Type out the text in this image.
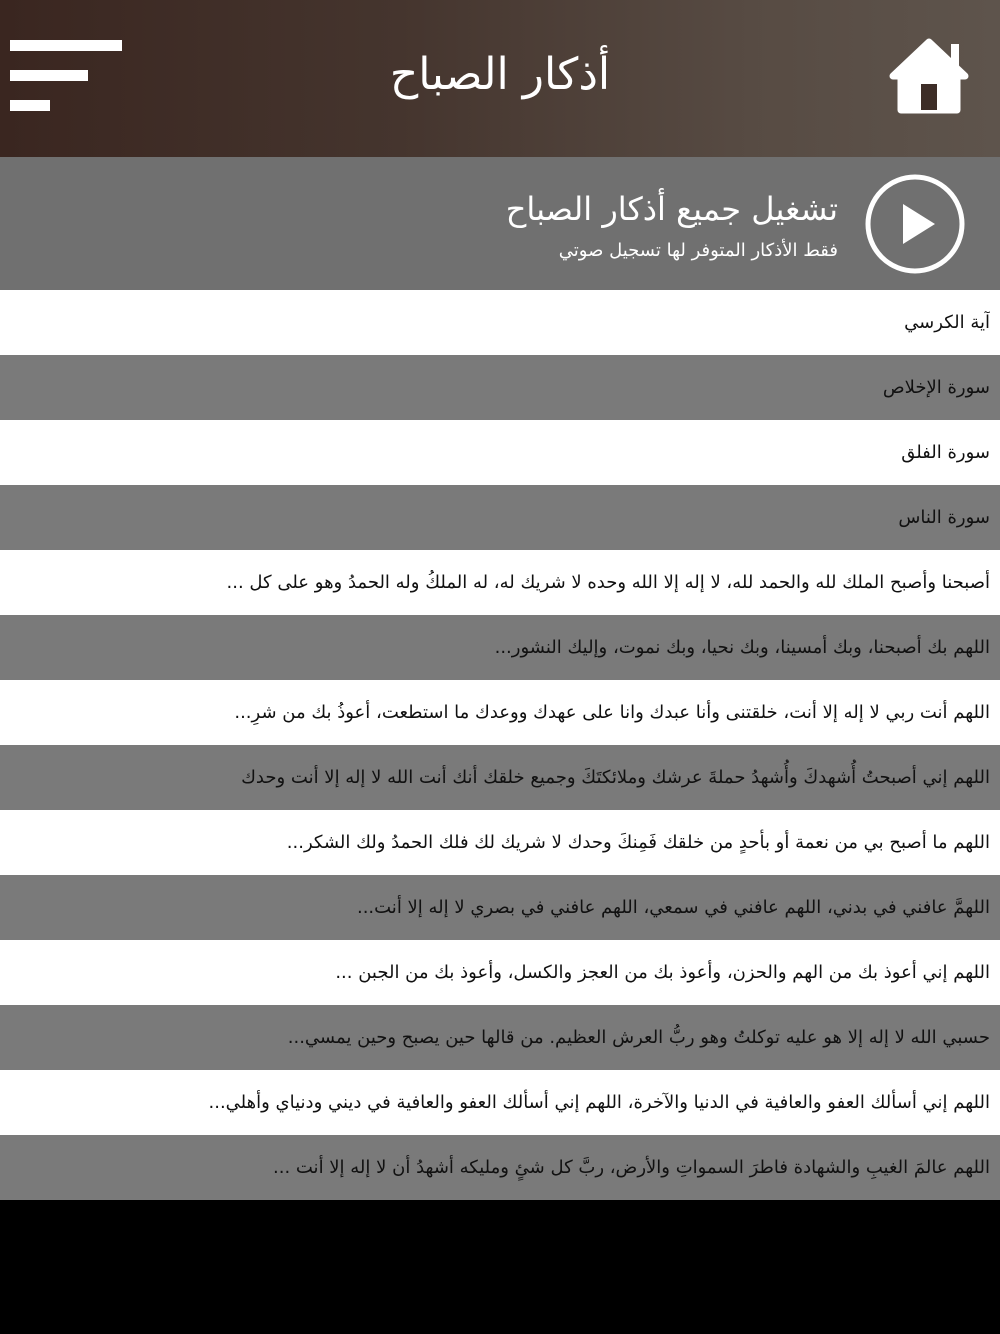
أذكار الصباح
تشغيل جميع أذكار الصباح
فقط الأذكار المتوفر لها تسجيل صوتي
آية الكرسي
سورة الإخلاص
سورة الفلق
سورة الناس
أصبحنا وأصبح الملك لله والحمد لله، لا إله إلا الله وحده لا شريك له، له الملكُ وله الحمدُ وهو على كل ...
اللهم بك أصبحنا، وبك أمسينا، وبك نحيا، وبك نموت، وإليك النشور...
اللهم أنت ربي لا إله إلا أنت، خلقتنى وأنا عبدك وانا على عهدك ووعدك ما استطعت، أعوذُ بك من شرِ...
اللهم إني أصبحتُ أُشهدكَ وأُشهدُ حملةَ عرشك وملائكتَكَ وجميع خلقك أنك أنت الله لا إله إلا أنت وحدك
اللهم ما أصبح بي من نعمة أو بأحدٍ من خلقك فَمِنكَ وحدك لا شريك لك فلك الحمدُ ولك الشكر...
اللهمَّ عافني في بدني، اللهم عافني في سمعي، اللهم عافني في بصري لا إله إلا أنت...
اللهم إني أعوذ بك من الهم والحزن، وأعوذ بك من العجز والكسل، وأعوذ بك من الجبن ...
حسبي الله لا إله إلا هو عليه توكلتُ وهو ربُّ العرش العظيم. من قالها حين يصبح وحين يمسي...
اللهم إني أسألك العفو والعافية في الدنيا والآخرة، اللهم إني أسألك العفو والعافية في ديني ودنياي وأهلي...
اللهم عالمَ الغيبِ والشهادة فاطرَ السمواتِ والأرض، ربَّ كل شئٍ ومليكه أشهدُ أن لا إله إلا أنت ...
